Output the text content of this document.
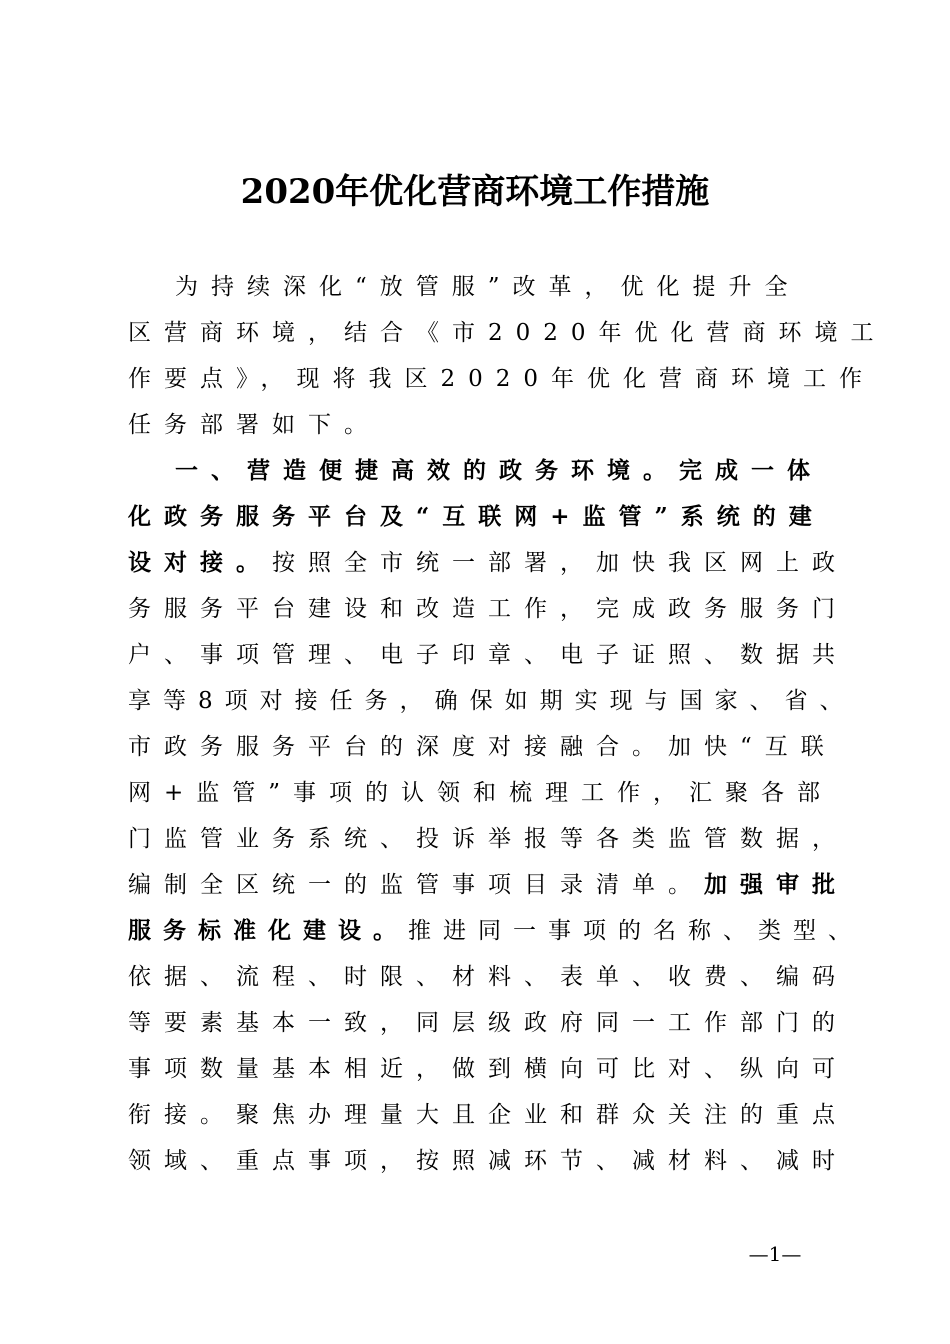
2020年优化营商环境工作措施
为持续深化“放管服”改革，优化提升全
区营商环境，结合《市2020年优化营商环境工
作要点》，现将我区2020年优化营商环境工作
任务部署如下。
一、营造便捷高效的政务环境。完成一体
化政务服务平台及“互联网+监管”系统的建
设对接。按照全市统一部署，加快我区网上政
务服务平台建设和改造工作，完成政务服务门
户、事项管理、电子印章、电子证照、数据共
享等8项对接任务，确保如期实现与国家、省、
市政务服务平台的深度对接融合。加快“互联
网+监管”事项的认领和梳理工作，汇聚各部
门监管业务系统、投诉举报等各类监管数据，
编制全区统一的监管事项目录清单。加强审批
服务标准化建设。推进同一事项的名称、类型、
依据、流程、时限、材料、表单、收费、编码
等要素基本一致，同层级政府同一工作部门的
事项数量基本相近，做到横向可比对、纵向可
衔接。聚焦办理量大且企业和群众关注的重点
领域、重点事项，按照减环节、减材料、减时
—1—
